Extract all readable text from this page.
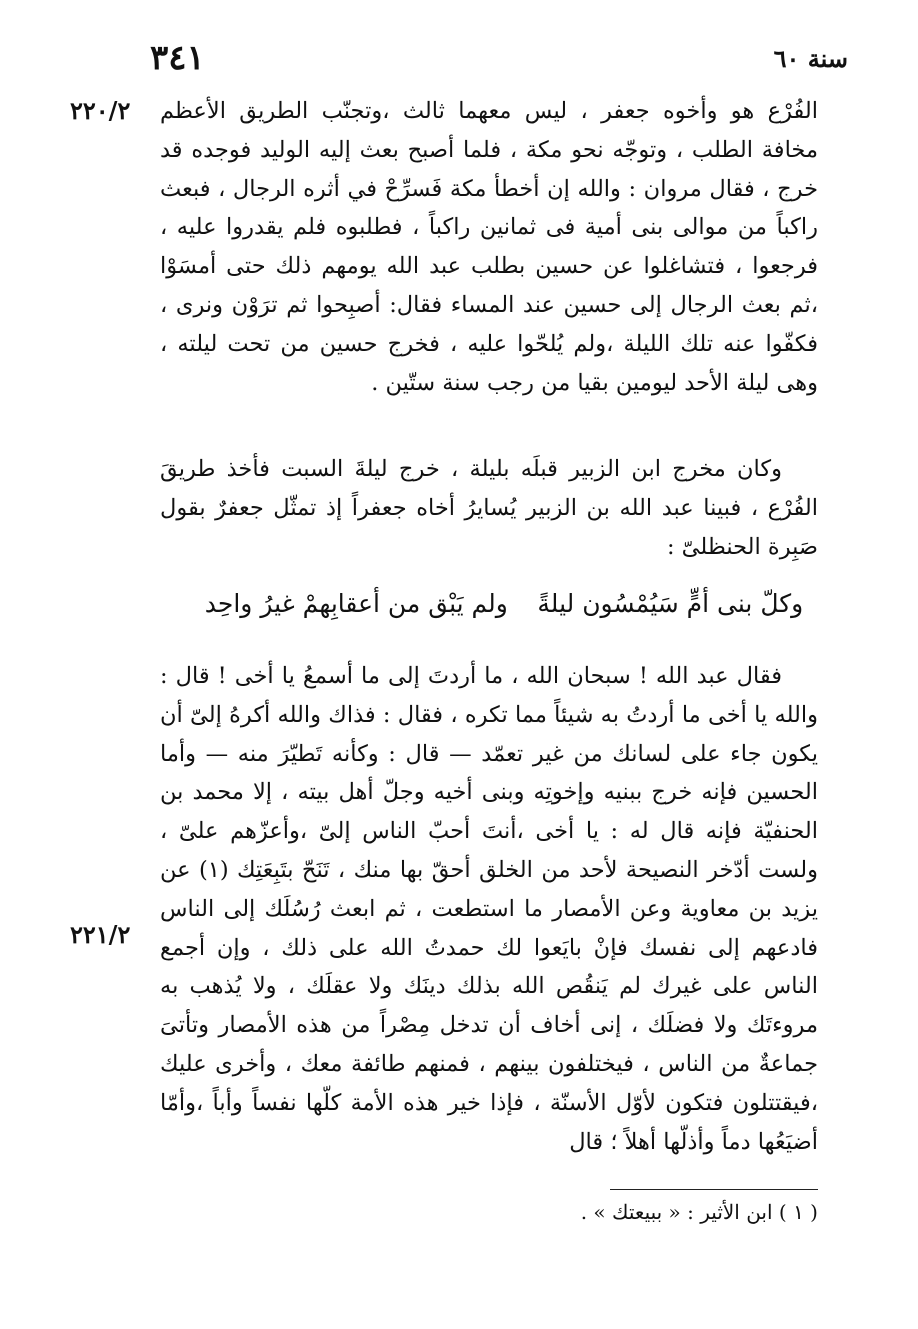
سنة ٦٠
٣٤١
٢٢٠/٢
٢٢١/٢

الفُرْع هو وأخوه جعفر ، ليس معهما ثالث ،وتجنّب الطريق الأعظم مخافة الطلب ، وتوجّه نحو مكة ، فلما أصبح بعث إليه الوليد فوجده قد خرج ، فقال مروان : والله إن أخطأ مكة فَسرِّحْ في أثره الرجال ، فبعث راكباً من موالى بنى أمية فى ثمانين راكباً ، فطلبوه فلم يقدروا عليه ، فرجعوا ، فتشاغلوا عن حسين بطلب عبد الله يومهم ذلك حتى أمسَوْا ،ثم بعث الرجال إلى حسين عند المساء فقال: أصبِحوا ثم ترَوْن ونرى ، فكفّوا عنه تلك الليلة ،ولم يُلحّوا عليه ، فخرج حسين من تحت ليلته ، وهى ليلة الأحد ليومين بقيا من رجب سنة ستّين .

وكان مخرج ابن الزبير قبلَه بليلة ، خرج ليلةَ السبت فأخذ طريقَ الفُرْع ، فبينا عبد الله بن الزبير يُسايرُ أخاه جعفراً إذ تمثّل جعفرٌ بقول صَبِرة الحنظلىّ :

وكلّ بنى أمٍّ سَيُمْسُون ليلةً
ولم يَبْق من أعقابِهمْ غيرُ واحِد

فقال عبد الله ! سبحان الله ، ما أردتَ إلى ما أسمعُ يا أخى ! قال : والله يا أخى ما أردتُ به شيئاً مما تكره ، فقال : فذاك والله أكرهُ إلىّ أن يكون جاء على لسانك من غير تعمّد — قال : وكأنه تَطيّرَ منه — وأما الحسين فإنه خرج ببنيه وإخوتِه وبنى أخيه وجلّ أهل بيته ، إلا محمد بن الحنفيّة فإنه قال له : يا أخى ،أنتَ أحبّ الناس إلىّ ،وأعزّهم علىّ ، ولست أدّخر النصيحة لأحد من الخلق أحقّ بها منك ، تَنَحّ بتَبِعَتِك (١) عن يزيد بن معاوية وعن الأمصار ما استطعت ، ثم ابعث رُسُلَك إلى الناس فادعهم إلى نفسك فإنْ بايَعوا لك حمدتُ الله على ذلك ، وإن أجمع الناس على غيرك لم يَنقُص الله بذلك دينَك ولا عقلَك ، ولا يُذهب به مروءتَك ولا فضلَك ، إنى أخاف أن تدخل مِصْراً من هذه الأمصار وتأتىَ جماعةٌ من الناس ، فيختلفون بينهم ، فمنهم طائفة معك ، وأخرى عليك ،فيقتتلون فتكون لأوّل الأسنّة ، فإذا خير هذه الأمة كلّها نفساً وأباً ،وأمّا أضيَعُها دماً وأذلّها أهلاً ؛ قال

( ١ ) ابن الأثير : « ببيعتك » .
